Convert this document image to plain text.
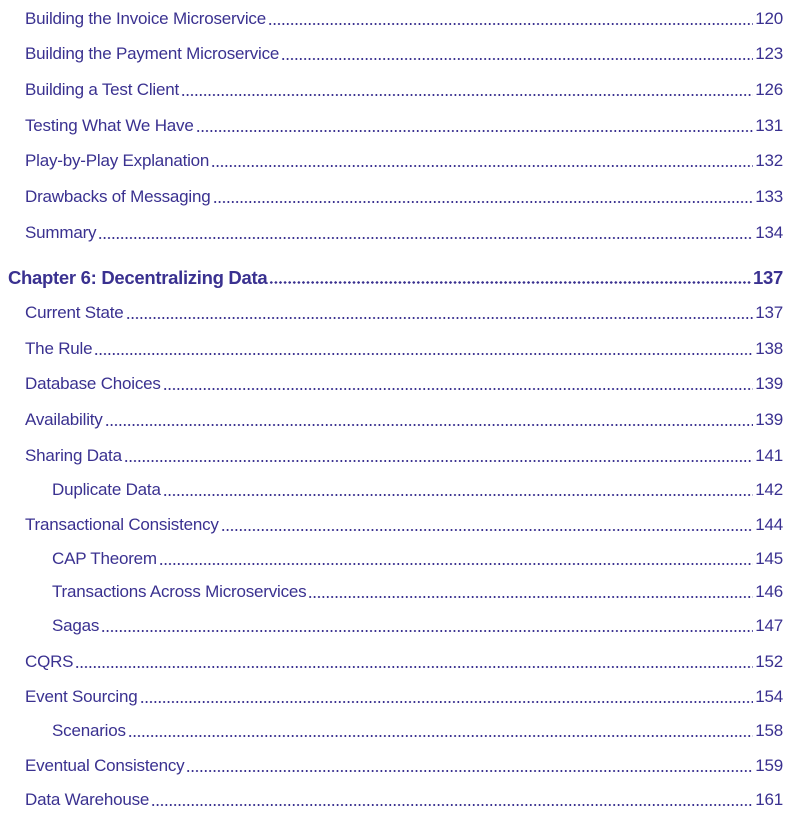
Building the Invoice Microservice	120
Building the Payment Microservice	123
Building a Test Client	126
Testing What We Have	131
Play-by-Play Explanation	132
Drawbacks of Messaging	133
Summary	134
Chapter 6: Decentralizing Data	137
Current State	137
The Rule	138
Database Choices	139
Availability	139
Sharing Data	141
Duplicate Data	142
Transactional Consistency	144
CAP Theorem	145
Transactions Across Microservices	146
Sagas	147
CQRS	152
Event Sourcing	154
Scenarios	158
Eventual Consistency	159
Data Warehouse	161
